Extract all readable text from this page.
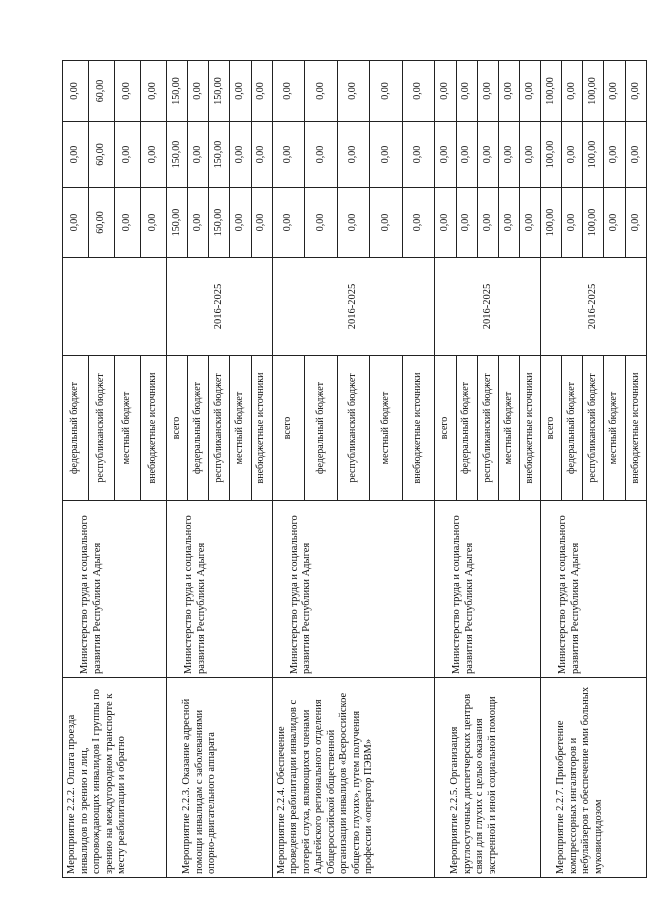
Мероприятие 2.2.2. Оплата проезда инвалидов по зрению и лиц, сопровождающих инвалидов I группы по зрению на междугородном транспорте к месту реабилитации и обратно	Министерство труда и социального развития Республики Адыгея	федеральный бюджет		0,00	0,00	0,00
		республиканский бюджет		60,00	60,00	60,00
		местный бюджет		0,00	0,00	0,00
		внебюджетные источники		0,00	0,00	0,00
Мероприятие 2.2.3. Оказание адресной помощи инвалидам с заболеваниями опорно-двигательного аппарата	Министерство труда и социального развития Республики Адыгея	всего	2016-2025	150,00	150,00	150,00
		федеральный бюджет		0,00	0,00	0,00
		республиканский бюджет		150,00	150,00	150,00
		местный бюджет		0,00	0,00	0,00
		внебюджетные источники		0,00	0,00	0,00
Мероприятие 2.2.4. Обеспечение проведения реабилитации инвалидов с потерей слуха, являющихся членами Адыгейского регионального отделения Общероссийской общественной организации инвалидов «Всероссийское общество глухих», путем получения профессии «оператор ПЭВМ»	Министерство труда и социального развития Республики Адыгея	всего	2016-2025	0,00	0,00	0,00
		федеральный бюджет		0,00	0,00	0,00
		республиканский бюджет		0,00	0,00	0,00
		местный бюджет		0,00	0,00	0,00
		внебюджетные источники		0,00	0,00	0,00
Мероприятие 2.2.5. Организация круглосуточных диспетчерских центров связи для глухих с целью оказания экстренной и иной социальной помощи	Министерство труда и социального развития Республики Адыгея	всего	2016-2025	0,00	0,00	0,00
		федеральный бюджет		0,00	0,00	0,00
		республиканский бюджет		0,00	0,00	0,00
		местный бюджет		0,00	0,00	0,00
		внебюджетные источники		0,00	0,00	0,00
Мероприятие 2.2.7. Приобретение компрессорных ингаляторов и небулайзеров т обеспечение ими больных муковисцидозом	Министерство труда и социального развития Республики Адыгея	всего	2016-2025	100,00	100,00	100,00
		федеральный бюджет		0,00	0,00	0,00
		республиканский бюджет		100,00	100,00	100,00
		местный бюджет		0,00	0,00	0,00
		внебюджетные источники		0,00	0,00	0,00
